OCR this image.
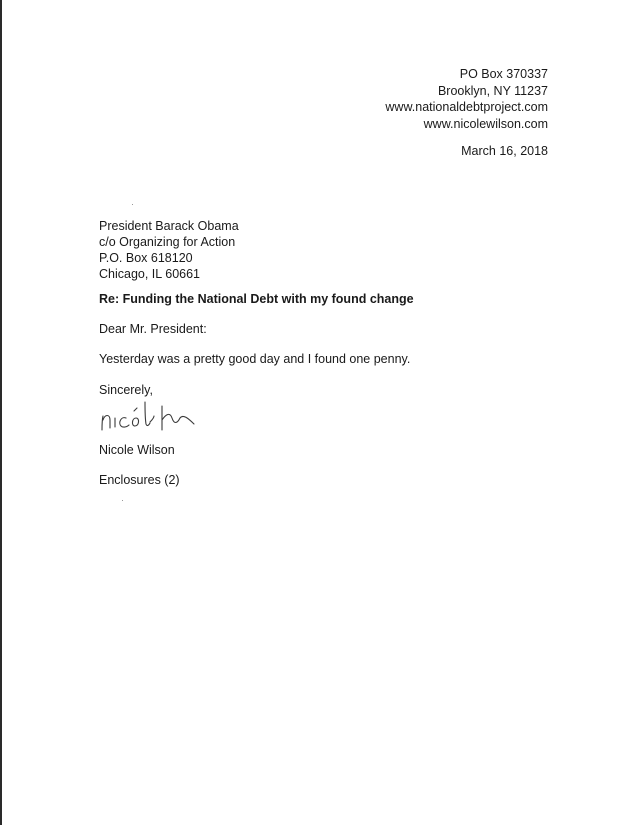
PO Box 370337
Brooklyn, NY 11237
www.nationaldebtproject.com
www.nicolewilson.com
March 16, 2018
President Barack Obama
c/o Organizing for Action
P.O. Box 618120
Chicago, IL 60661
Re: Funding the National Debt with my found change
Dear Mr. President:
Yesterday was a pretty good day and I found one penny.
Sincerely,
Nicole Wilson
Enclosures (2)
